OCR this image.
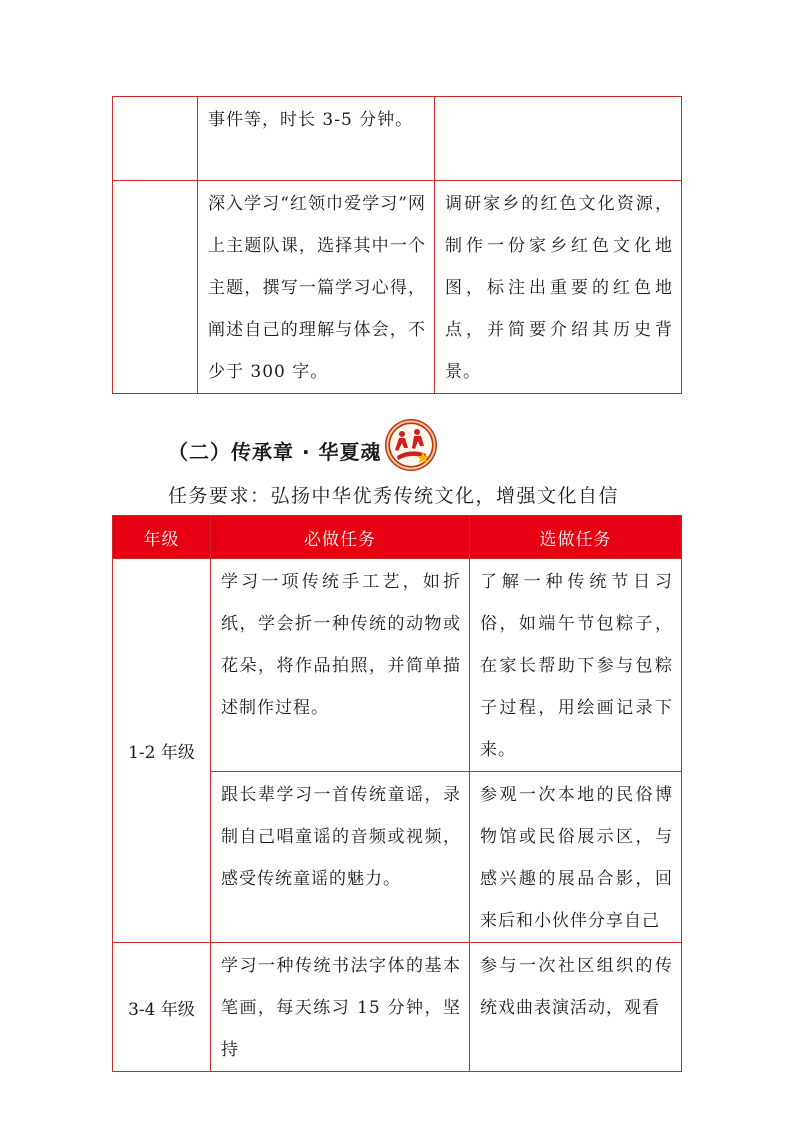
	事件等，时长 3-5 分钟。	

	深入学习“红领巾爱学习”网上主题队课，选择其中一个主题，撰写一篇学习心得，阐述自己的理解与体会，不少于 300 字。	调研家乡的红色文化资源，制作一份家乡红色文化地图，标注出重要的红色地点，并简要介绍其历史背景。
（二）传承章 · 华夏魂
任务要求：弘扬中华优秀传统文化，增强文化自信
年级	必做任务	选做任务
1-2 年级	学习一项传统手工艺，如折纸，学会折一种传统的动物或花朵，将作品拍照，并简单描述制作过程。	了解一种传统节日习俗，如端午节包粽子，在家长帮助下参与包粽子过程，用绘画记录下来。

	跟长辈学习一首传统童谣，录制自己唱童谣的音频或视频，感受传统童谣的魅力。	参观一次本地的民俗博物馆或民俗展示区，与感兴趣的展品合影，回来后和小伙伴分享自己

3-4 年级	学习一种传统书法字体的基本笔画，每天练习 15 分钟，坚持	参与一次社区组织的传统戏曲表演活动，观看
